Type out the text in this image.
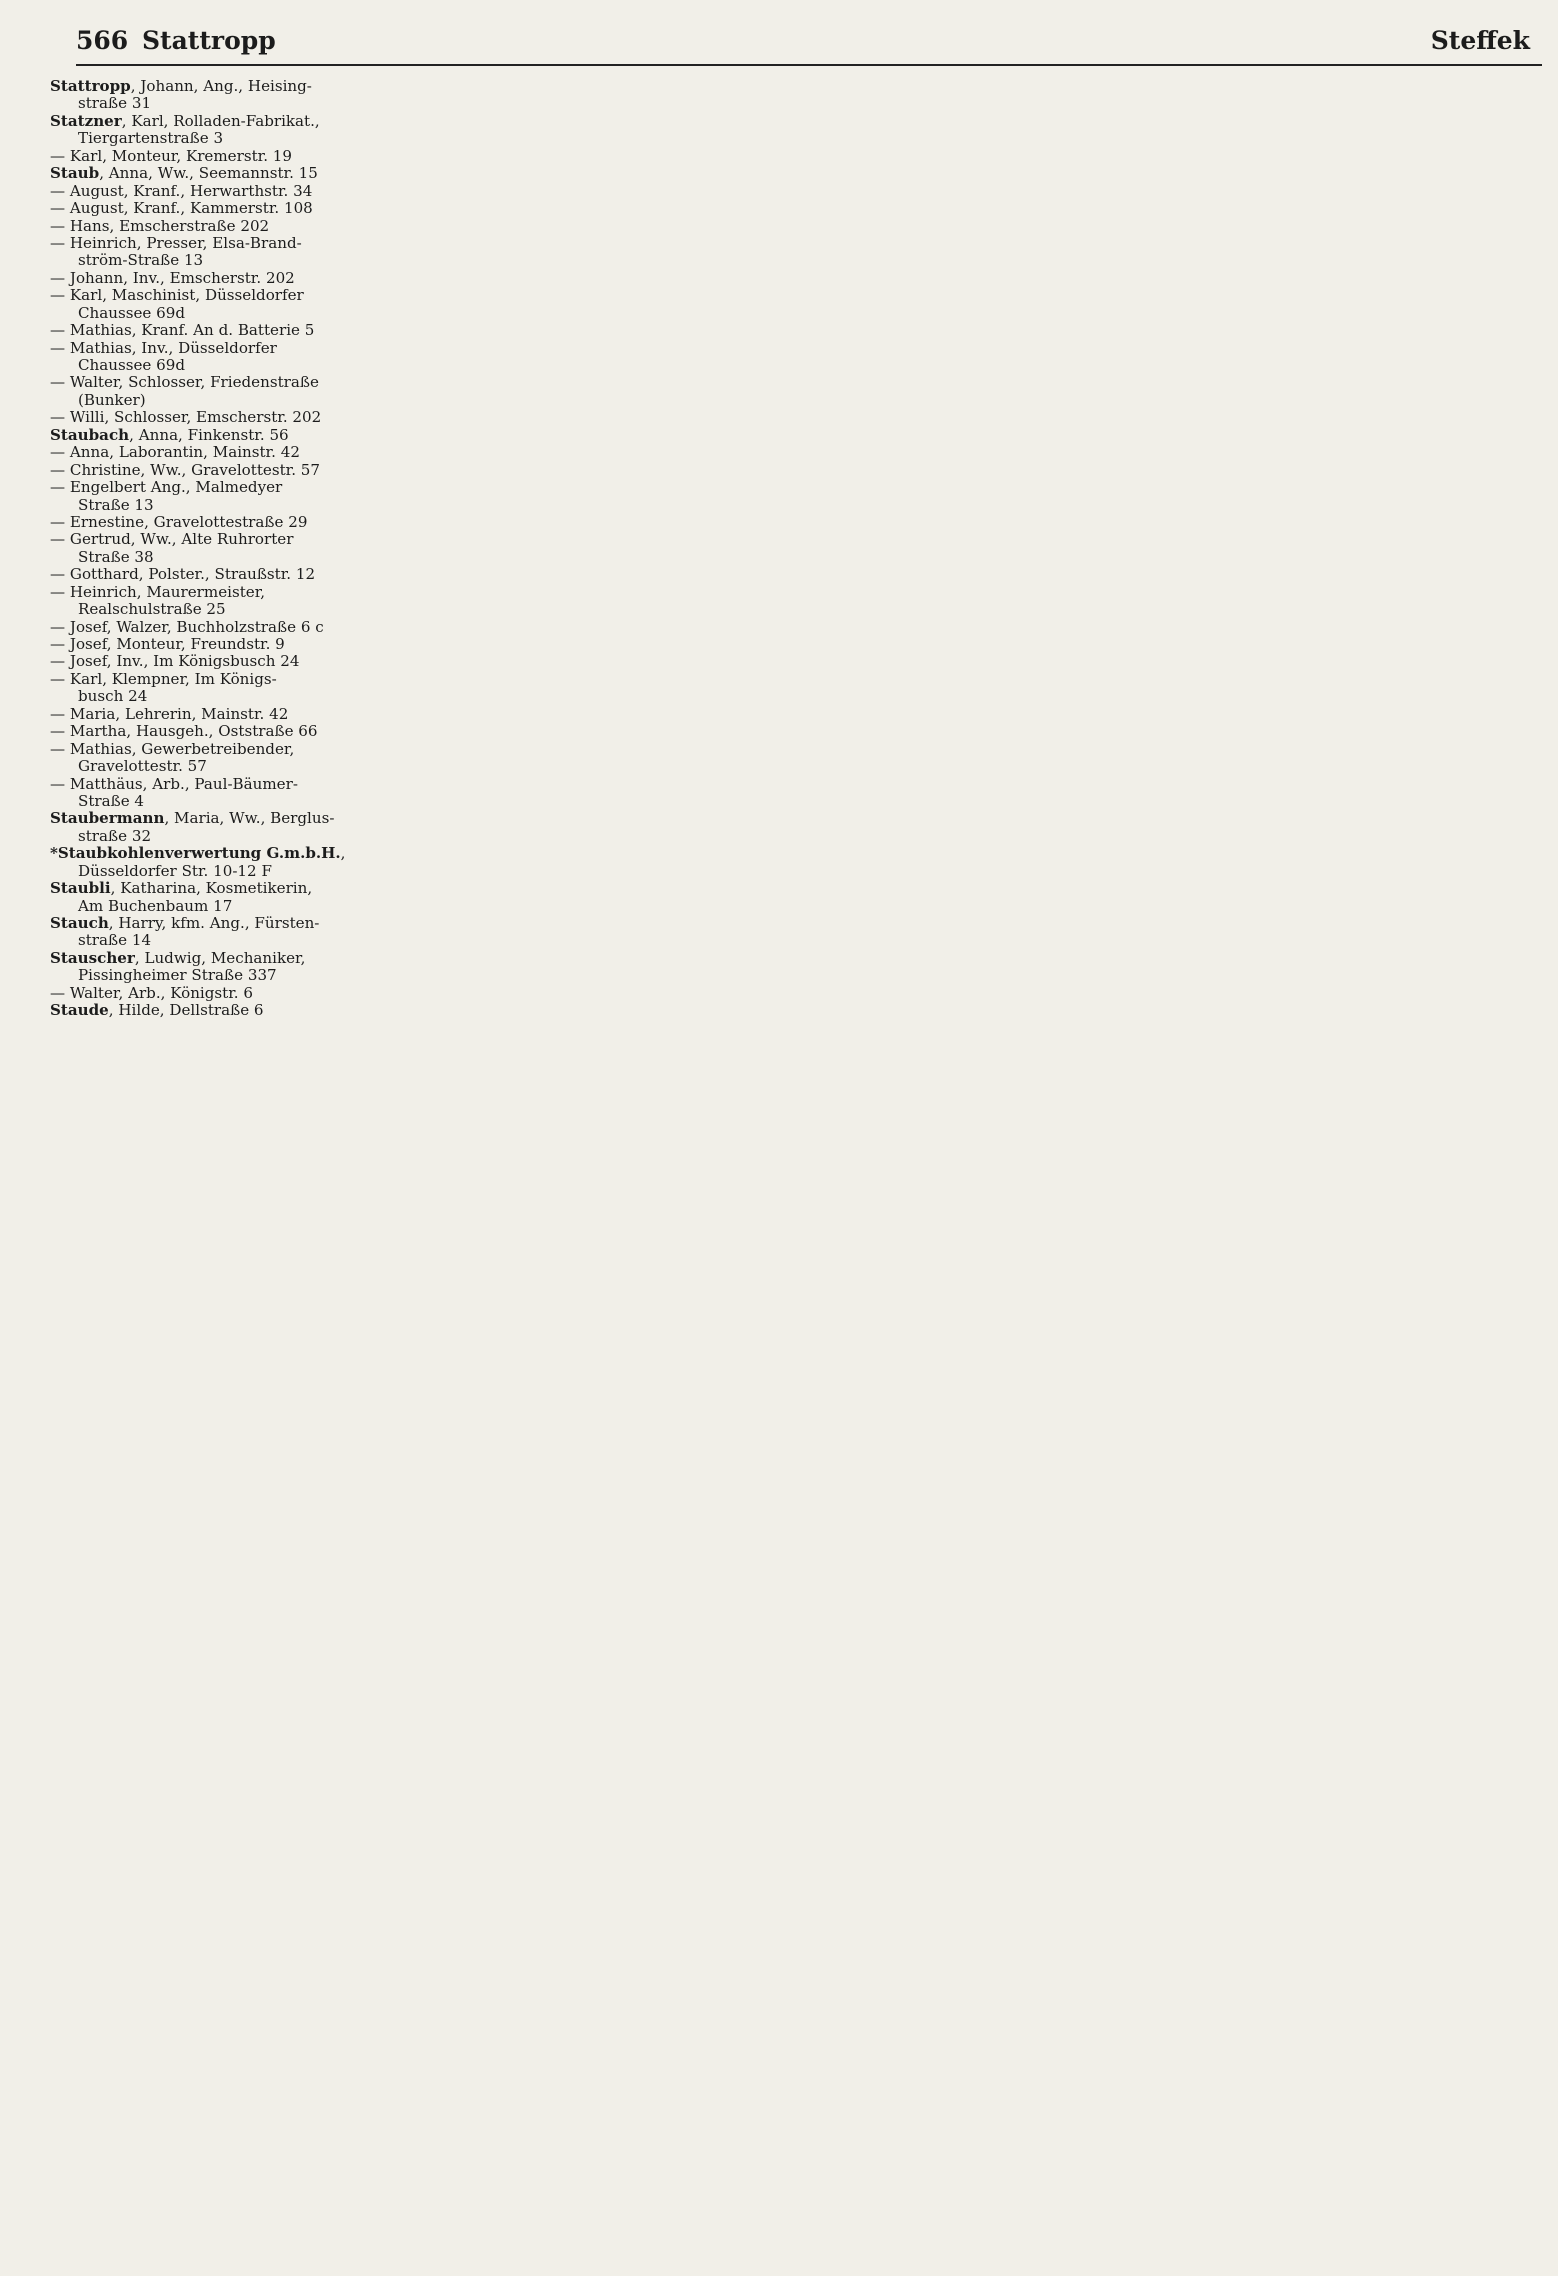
566 Stattropp	Steffek
Stattropp, Johann, Ang., Heising-
straße 31
Statzner, Karl, Rolladen-Fabrikat.,
Tiergartenstraße 3
— Karl, Monteur, Kremerstr. 19
Staub, Anna, Ww., Seemannstr. 15
— August, Kranf., Herwarthstr. 34
— August, Kranf., Kammerstr. 108
— Hans, Emscherstraße 202
— Heinrich, Presser, Elsa-Brand-
ström-Straße 13
— Johann, Inv., Emscherstr. 202
— Karl, Maschinist, Düsseldorfer
Chaussee 69d
— Mathias, Kranf. An d. Batterie 5
— Mathias, Inv., Düsseldorfer
Chaussee 69d
— Walter, Schlosser, Friedenstraße
(Bunker)
— Willi, Schlosser, Emscherstr. 202
Staubach, Anna, Finkenstr. 56
— Anna, Laborantin, Mainstr. 42
— Christine, Ww., Gravelottestr. 57
— Engelbert Ang., Malmedyer
Straße 13
— Ernestine, Gravelottestraße 29
— Gertrud, Ww., Alte Ruhrorter
Straße 38
— Gotthard, Polster., Straußstr. 12
— Heinrich, Maurermeister,
Realschulstraße 25
— Josef, Walzer, Buchholzstraße 6 c
— Josef, Monteur, Freundstr. 9
— Josef, Inv., Im Königsbusch 24
— Karl, Klempner, Im Königs-
busch 24
— Maria, Lehrerin, Mainstr. 42
— Martha, Hausgeh., Oststraße 66
— Mathias, Gewerbetreibender,
Gravelottestr. 57
— Matthäus, Arb., Paul-Bäumer-
Straße 4
Staubermann, Maria, Ww., Berglus-
straße 32
*Staubkohlenverwertung G.m.b.H.,
Düsseldorfer Str. 10-12 F
Staubli, Katharina, Kosmetikerin,
Am Buchenbaum 17
Stauch, Harry, kfm. Ang., Fürsten-
straße 14
Stauscher, Ludwig, Mechaniker,
Pissingheimer Straße 337
— Walter, Arb., Königstr. 6
Staude, Hilde, Dellstraße 6
